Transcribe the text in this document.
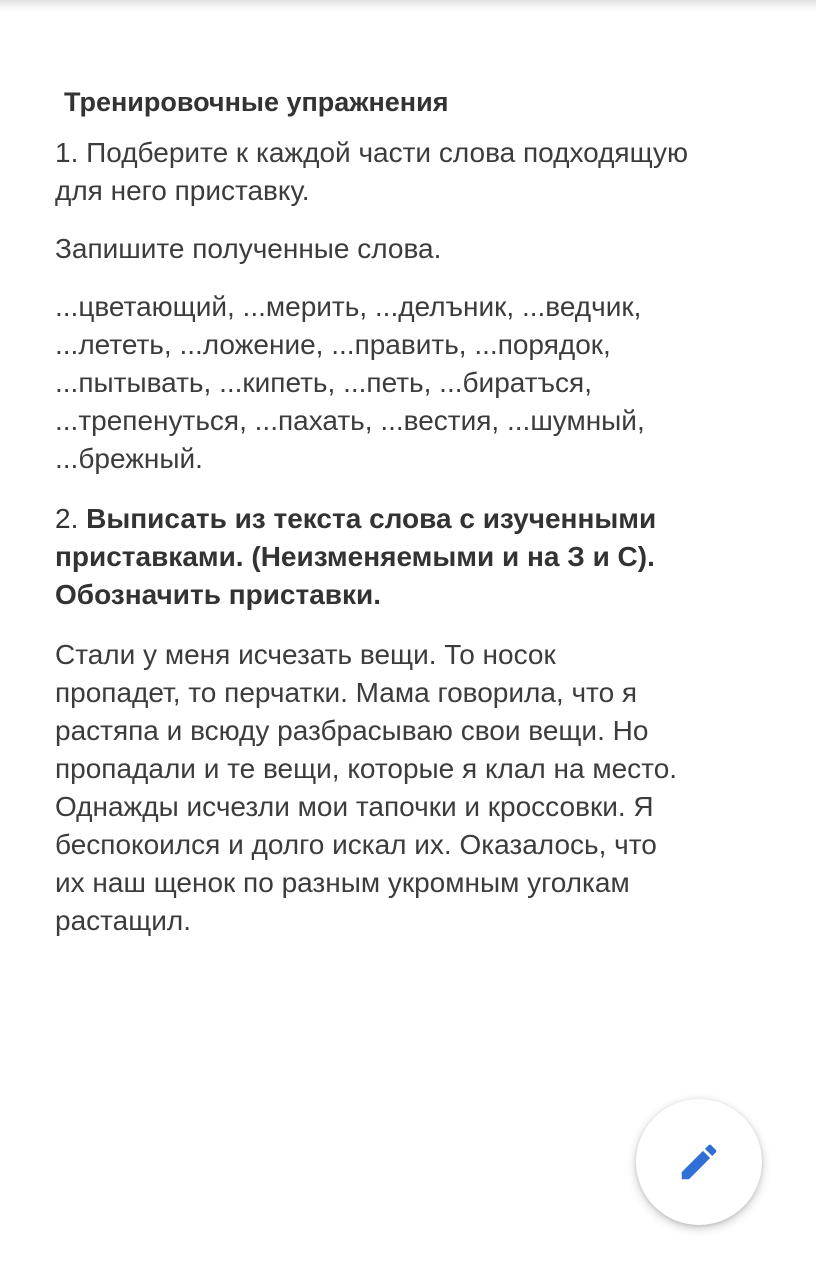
Тренировочные упражнения
1. Подберите к каждой части слова подходящую
для него приставку.
Запишите полученные слова.
...цветающий, ...мерить, ...делъник, ...ведчик,
...лететь, ...ложение, ...править, ...порядок,
...пытывать, ...кипеть, ...петь, ...биратъся,
...трепенуться, ...пахать, ...вестия, ...шумный,
...брежный.
2. Выписать из текста слова с изученными
приставками. (Неизменяемыми и на З и С).
Обозначить приставки.
Стали у меня исчезать вещи. То носок
пропадет, то перчатки. Мама говорила, что я
растяпа и всюду разбрасываю свои вещи. Но
пропадали и те вещи, которые я клал на место.
Однажды исчезли мои тапочки и кроссовки. Я
беспокоился и долго искал их. Оказалось, что
их наш щенок по разным укромным уголкам
растащил.
